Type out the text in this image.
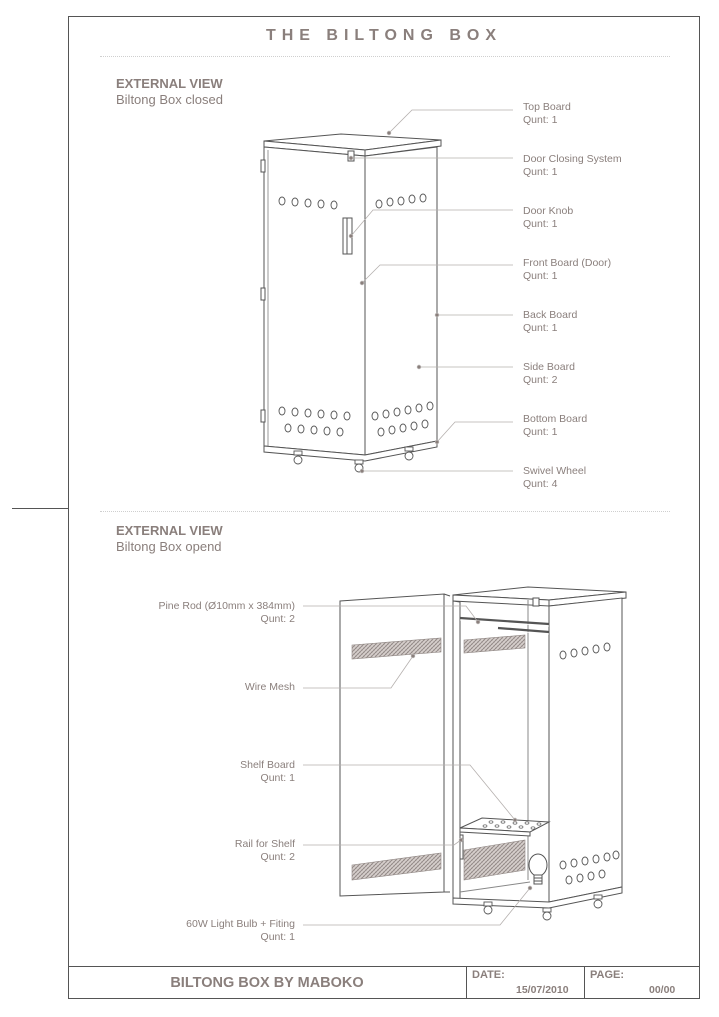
THE BILTONG BOX
EXTERNAL VIEW
Biltong Box closed
EXTERNAL VIEW
Biltong Box opend
Top Board
Qunt: 1
Door Closing System
Qunt: 1
Door Knob
Qunt: 1
Front Board (Door)
Qunt: 1
Back Board
Qunt: 1
Side Board
Qunt: 2
Bottom Board
Qunt: 1
Swivel Wheel
Qunt: 4
Pine Rod (Ø10mm x 384mm)
Qunt: 2
Wire Mesh
Shelf Board
Qunt: 1
Rail for Shelf
Qunt: 2
60W Light Bulb + Fiting
Qunt: 1
BILTONG BOX BY MABOKO	DATE:
15/07/2010
PAGE:
00/00
